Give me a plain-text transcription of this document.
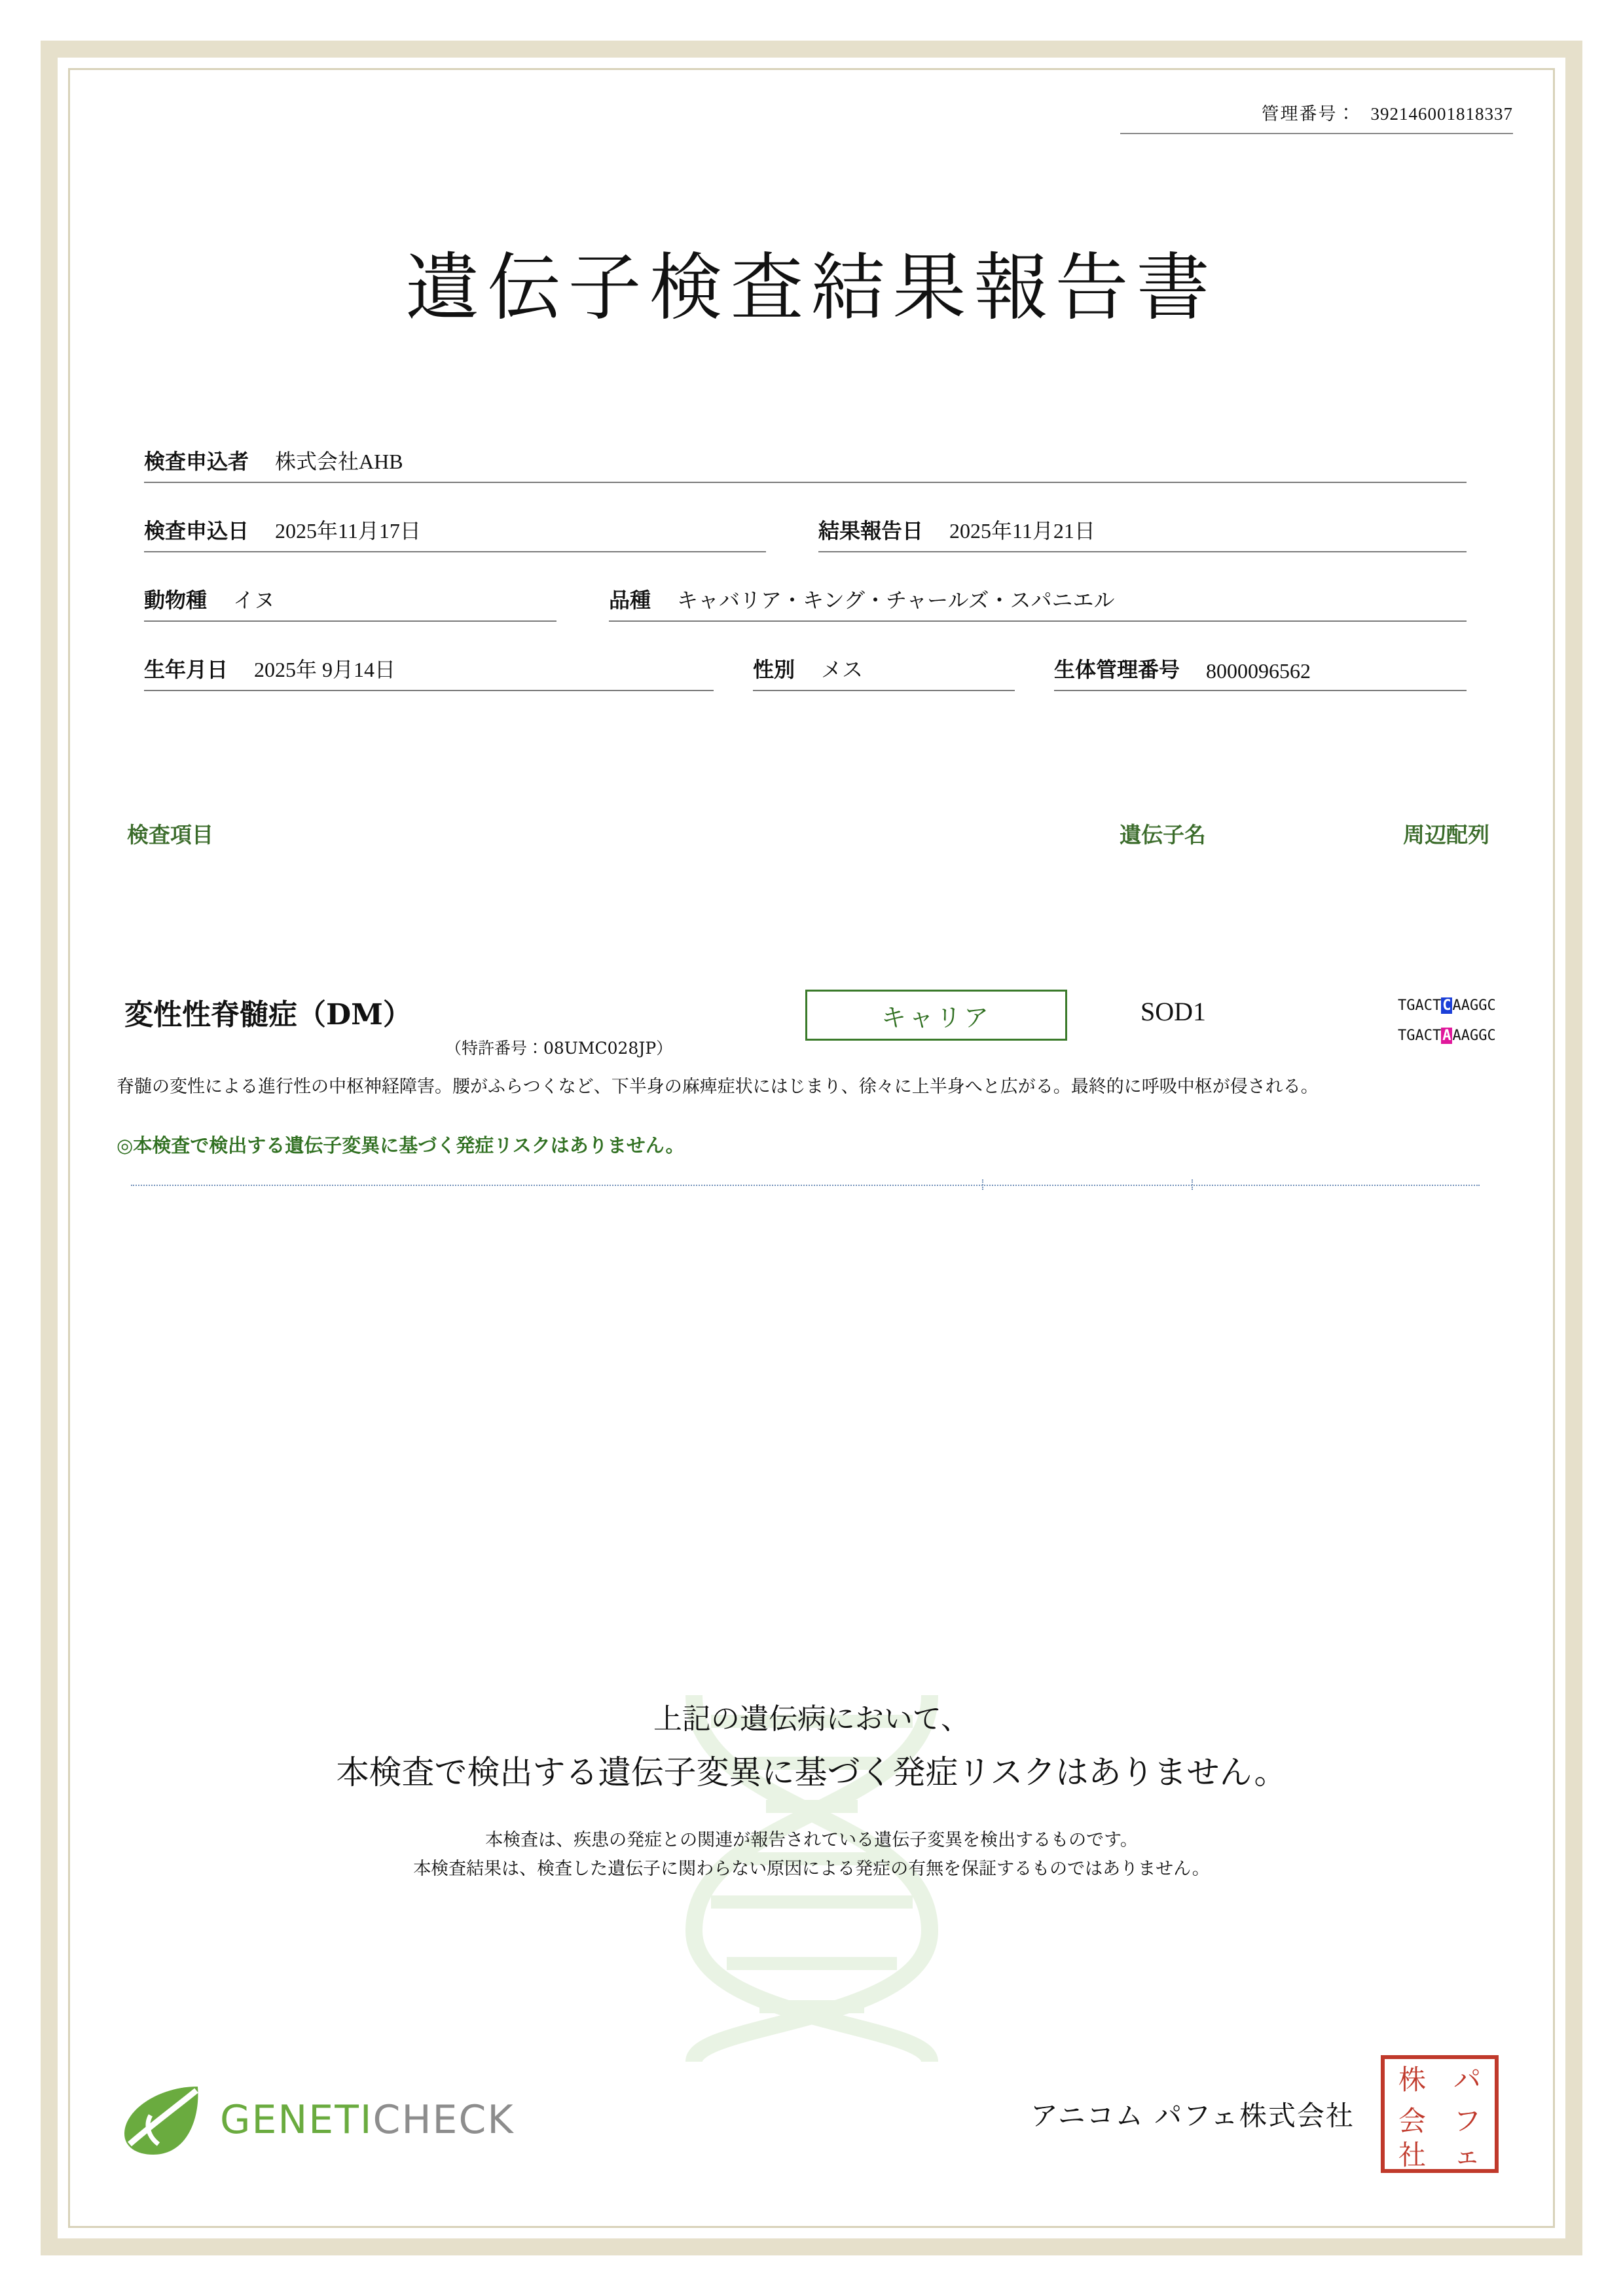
管理番号： 392146001818337
遺伝子検査結果報告書
検査申込者 株式会社AHB
検査申込日 2025年11月17日	結果報告日 2025年11月21日
動物種 イヌ	品種 キャバリア・キング・チャールズ・スパニエル
生年月日 2025年 9月14日	性別 メス	生体管理番号 8000096562
検査項目	遺伝子名	周辺配列
変性性脊髄症（DM）
（特許番号：08UMC028JP）
キャリア	SOD1	TGACTCAAGGC
TGACTAAAGGC
脊髄の変性による進行性の中枢神経障害。腰がふらつくなど、下半身の麻痺症状にはじまり、徐々に上半身へと広がる。最終的に呼吸中枢が侵される。
◎本検査で検出する遺伝子変異に基づく発症リスクはありません。
上記の遺伝病において、
本検査で検出する遺伝子変異に基づく発症リスクはありません。
本検査は、疾患の発症との関連が報告されている遺伝子変異を検出するものです。
本検査結果は、検査した遺伝子に関わらない原因による発症の有無を保証するものではありません。
GENETICHECK	アニコム パフェ株式会社
株 パ
会 フ
社 ェ
